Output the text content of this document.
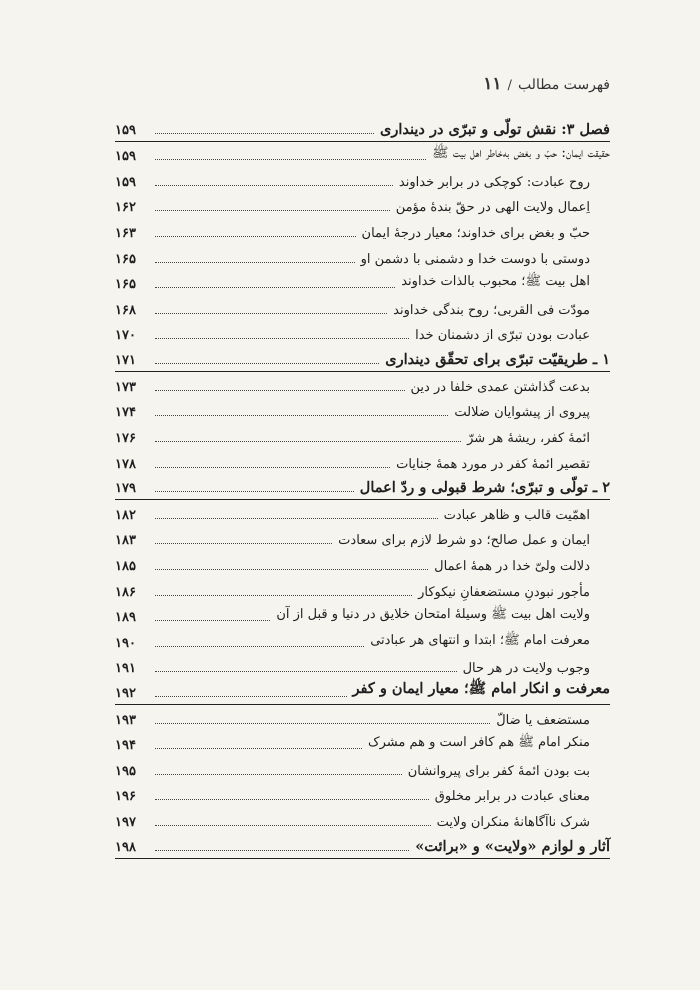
فهرست مطالب
/
۱۱
فصل ۳: نقش تولّی و تبرّی در دینداری
۱۵۹
حقیقت ایمان: حبّ و بغض به‌خاطر اهل بیت ﷺ
۱۵۹
روح عبادت: کوچکی در برابر خداوند
۱۵۹
اِعمال ولایت الهی در حقّ بندهٔ مؤمن
۱۶۲
حبّ و بغض برای خداوند؛ معیار درجهٔ ایمان
۱۶۳
دوستی با دوست خدا و دشمنی با دشمن او
۱۶۵
اهل بیت ﷺ؛ محبوب بالذات خداوند
۱۶۵
مودّت فی القربی؛ روح بندگی خداوند
۱۶۸
عبادت بودن تبرّی از دشمنان خدا
۱۷۰
۱ ـ طریقیّت تبرّی برای تحقّق دینداری
۱۷۱
بدعت گذاشتن عمدی خلفا در دین
۱۷۳
پیروی از پیشوایان ضلالت
۱۷۴
ائمهٔ کفر، ریشهٔ هر شرّ
۱۷۶
تقصیر ائمهٔ کفر در مورد همهٔ جنایات
۱۷۸
۲ ـ تولّی و تبرّی؛ شرط قبولی و ردّ اعمال
۱۷۹
اهمّیت قالب و ظاهر عبادت
۱۸۲
ایمان و عمل صالح؛ دو شرط لازم برای سعادت
۱۸۳
دلالت ولیّ خدا در همهٔ اعمال
۱۸۵
مأجور نبودنِ مستضعفانِ نیکوکار
۱۸۶
ولایت اهل بیت ﷺ وسیلهٔ امتحان خلایق در دنیا و قبل از آن
۱۸۹
معرفت امام ﷺ؛ ابتدا و انتهای هر عبادتی
۱۹۰
وجوب ولایت در هر حال
۱۹۱
معرفت و انکار امام ﷺ؛ معیار ایمان و کفر
۱۹۲
مستضعف یا ضالّ
۱۹۳
منکر امام ﷺ هم کافر است و هم مشرک
۱۹۴
بت بودن ائمهٔ کفر برای پیروانشان
۱۹۵
معنای عبادت در برابر مخلوق
۱۹۶
شرک ناآگاهانهٔ منکران ولایت
۱۹۷
آثار و لوازم «ولایت» و «برائت»
۱۹۸
